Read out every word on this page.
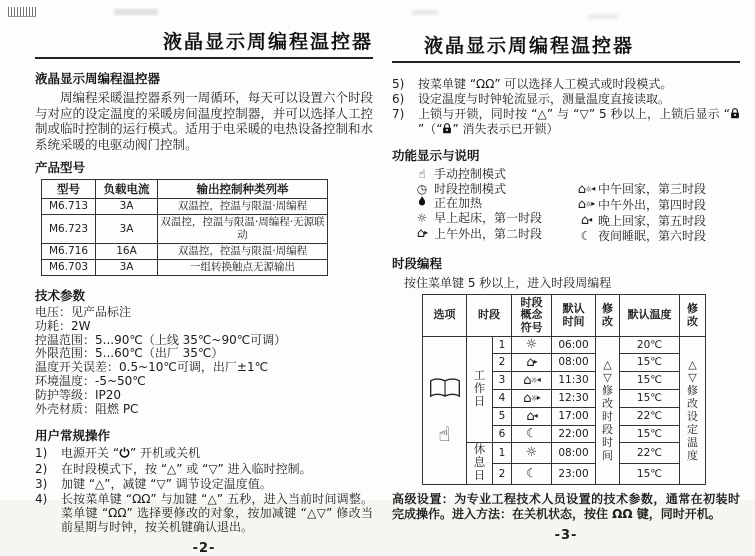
液晶显示周编程温控器
液晶显示周编程温控器

周编程采暖温控器系列一周循环，每天可以设置六个时段与对应的设定温度的采暖房间温度控制器，并可以选择人工控制或临时控制的运行模式。适用于电采暖的电热设备控制和水系统采暖的电驱动阀门控制。

产品型号
型号	负载电流	输出控制种类列举
M6.713	3A	双温控，控温与限温·周编程
M6.723	3A	双温控，控温与限温·周编程·无源联动
M6.716	16A	双温控，控温与限温·周编程
M6.703	3A	一组转换触点无源输出
技术参数
电压：见产品标注
功耗：2W
控温范围：5...90℃（上线 35℃~90℃可调）
外限范围：5...60℃（出厂 35℃）
温度开关误差：0.5~10℃可调，出厂±1℃
环境温度：-5~50℃
防护等级：IP20
外壳材质：阻燃 PC
用户常规操作
1)	电源开关 “ ” 开机或关机
2)	在时段模式下，按 “△” 或 “▽” 进入临时控制。
3)	加键 “△”，减键 “▽” 调节设定温度值。
4)	长按菜单键 “ΩΩ” 与加键 “△” 五秒，进入当前时间调整。菜单键 “ΩΩ” 选择要修改的对象，按加减键 “△▽” 修改当前星期与时钟，按关机键确认退出。
-2-
液晶显示周编程温控器
5)	按菜单键 “ΩΩ” 可以选择人工模式或时段模式。
6)	设定温度与时钟轮流显示，测量温度直接读取。
7)	上锁与开锁，同时按 “△” 与 “▽” 5 秒以上，上锁后显示 “”（“ ” 消失表示已开锁）
功能显示与说明
☝ 手动控制模式
◷ 时段控制模式
正在加热
☼ 早上起床，第一时段
⌂▸ 上午外出，第二时段
⌂☼◂ 中午回家，第三时段
⌂☼▸ 中午外出，第四时段
⌂◂ 晚上回家，第五时段
☾ 夜间睡眠，第六时段
时段编程
按住菜单键 5 秒以上，进入时段周编程
选项	时段		时段概念符号	默认时间	修改	默认温度	修改

☝	工作日	1	☼	06:00	△▽修改时段时间	20℃	△▽修改设定温度
		2	⌂▸	08:00		15℃	
		3	⌂☼◂	11:30		15℃	
		4	⌂☼▸	12:30		15℃	
		5	⌂◂	17:00		22℃	
		6	☾	22:00		15℃	
	休息日	1	☼	08:00		22℃	
		2	☾	23:00		15℃	

高级设置：为专业工程技术人员设置的技术参数，通常在初装时完成操作。进入方法：在关机状态，按住 ΩΩ 键，同时开机。

-3-
